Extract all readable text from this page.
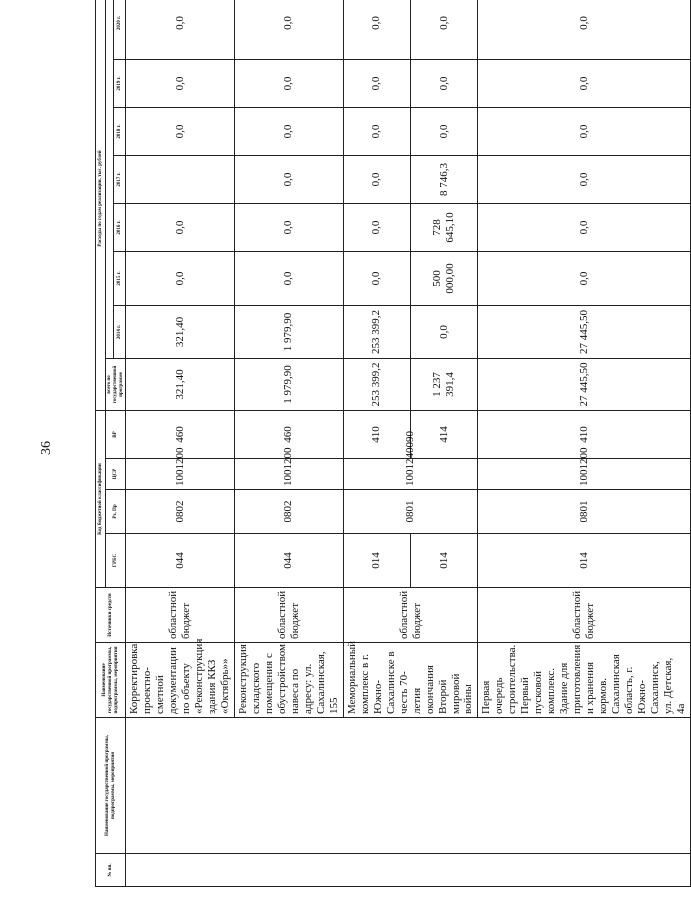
36
№ пп.	Наименование государственной программы, подпрограммы, мероприятия	Наименование государственной программы, подпрограммы, мероприятия	Источники средств	Код бюджетной классификации				Расходы по годам реализации, тыс. рублей							
				ГРБС	Рз, Пр	ЦСР	ВР	всего по государственной программе							
									2014 г.	2015 г.	2016 г.	2017 г.	2018 г.	2019 г.	2020 г.
		Корректировка проектно-сметной документации по объекту «Реконструкция здания ККЗ «Октябрь»»	областной бюджет	044	0802	1001200	460	321,40	321,40	0,0	0,0		0,0	0,0	0,0
		Реконструкция складского помещения с обустройством навеса по адресу: ул. Сахалинская, 155	областной бюджет	044	0802	1001200	460	1 979,90	1 979,90	0,0	0,0	0,0	0,0	0,0	0,0
		Мемориальный комплекс в г. Южно-Сахалинске в честь 70-летия окончания Второй мировой войны	областной бюджет	014	0801	1001240090	410	253 399,2	253 399,2	0,0	0,0	0,0	0,0	0,0	0,0
				014			414	1 237 391,4	0,0	500 000,00	728 645,10	8 746,3	0,0	0,0	0,0
		Первая очередь строительства. Первый пусковой комплекс. Здание для приготовления и хранения кормов. Сахалинская область, г. Южно-Сахалинск, ул. Детская, 4а	областной бюджет	014	0801	1001200	410	27 445,50	27 445,50	0,0	0,0	0,0	0,0	0,0	0,0
